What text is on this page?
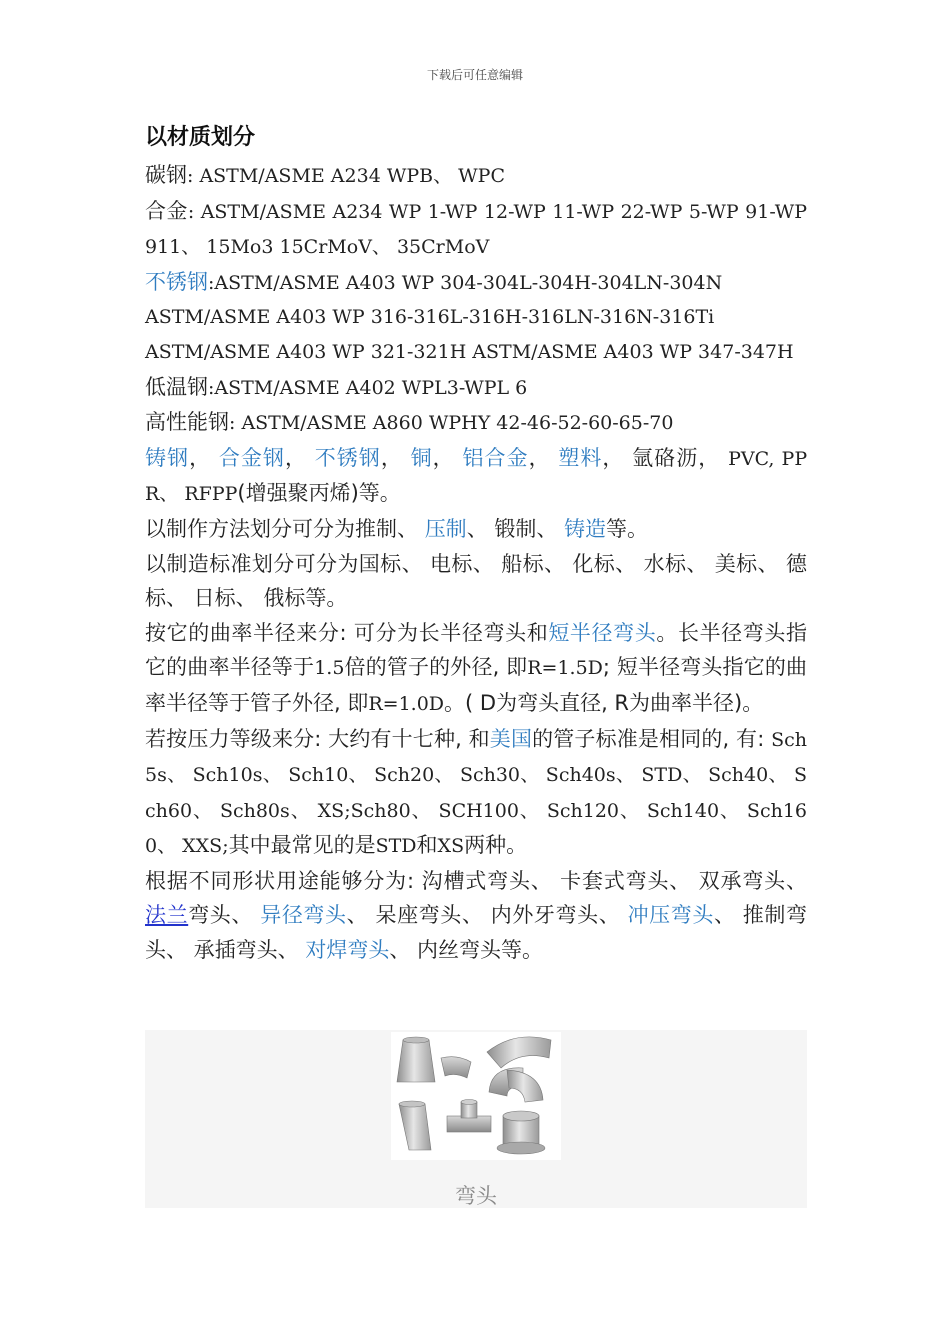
下载后可任意编辑
以材质划分

碳钢: ASTM/ASME A234 WPB、 WPC

合金: ASTM/ASME A234 WP 1-WP 12-WP 11-WP 22-WP 5-WP 91-WP911、 15Mo3 15CrMoV、 35CrMoV

不锈钢:ASTM/ASME A403 WP 304-304L-304H-304LN-304N

ASTM/ASME A403 WP 316-316L-316H-316LN-316N-316Ti

ASTM/ASME A403 WP 321-321H ASTM/ASME A403 WP 347-347H

低温钢:ASTM/ASME A402 WPL3-WPL 6

高性能钢: ASTM/ASME A860 WPHY 42-46-52-60-65-70

铸钢， 合金钢， 不锈钢， 铜， 铝合金， 塑料， 氩硌沥， PVC, PPR、 RFPP(增强聚丙烯)等。

以制作方法划分可分为推制、 压制、 锻制、 铸造等。

以制造标准划分可分为国标、 电标、 船标、 化标、 水标、 美标、 德标、 日标、 俄标等。

按它的曲率半径来分: 可分为长半径弯头和短半径弯头。长半径弯头指它的曲率半径等于1.5倍的管子的外径, 即R=1.5D; 短半径弯头指它的曲率半径等于管子外径, 即R=1.0D。( D为弯头直径, R为曲率半径)。

若按压力等级来分: 大约有十七种, 和美国的管子标准是相同的, 有: Sch5s、 Sch10s、 Sch10、 Sch20、 Sch30、 Sch40s、 STD、 Sch40、 Sch60、 Sch80s、 XS;Sch80、 SCH100、 Sch120、 Sch140、 Sch160、 XXS;其中最常见的是STD和XS两种。

根据不同形状用途能够分为: 沟槽式弯头、 卡套式弯头、 双承弯头、 法兰弯头、 异径弯头、 呆座弯头、 内外牙弯头、 冲压弯头、 推制弯头、 承插弯头、 对焊弯头、 内丝弯头等。

弯头
